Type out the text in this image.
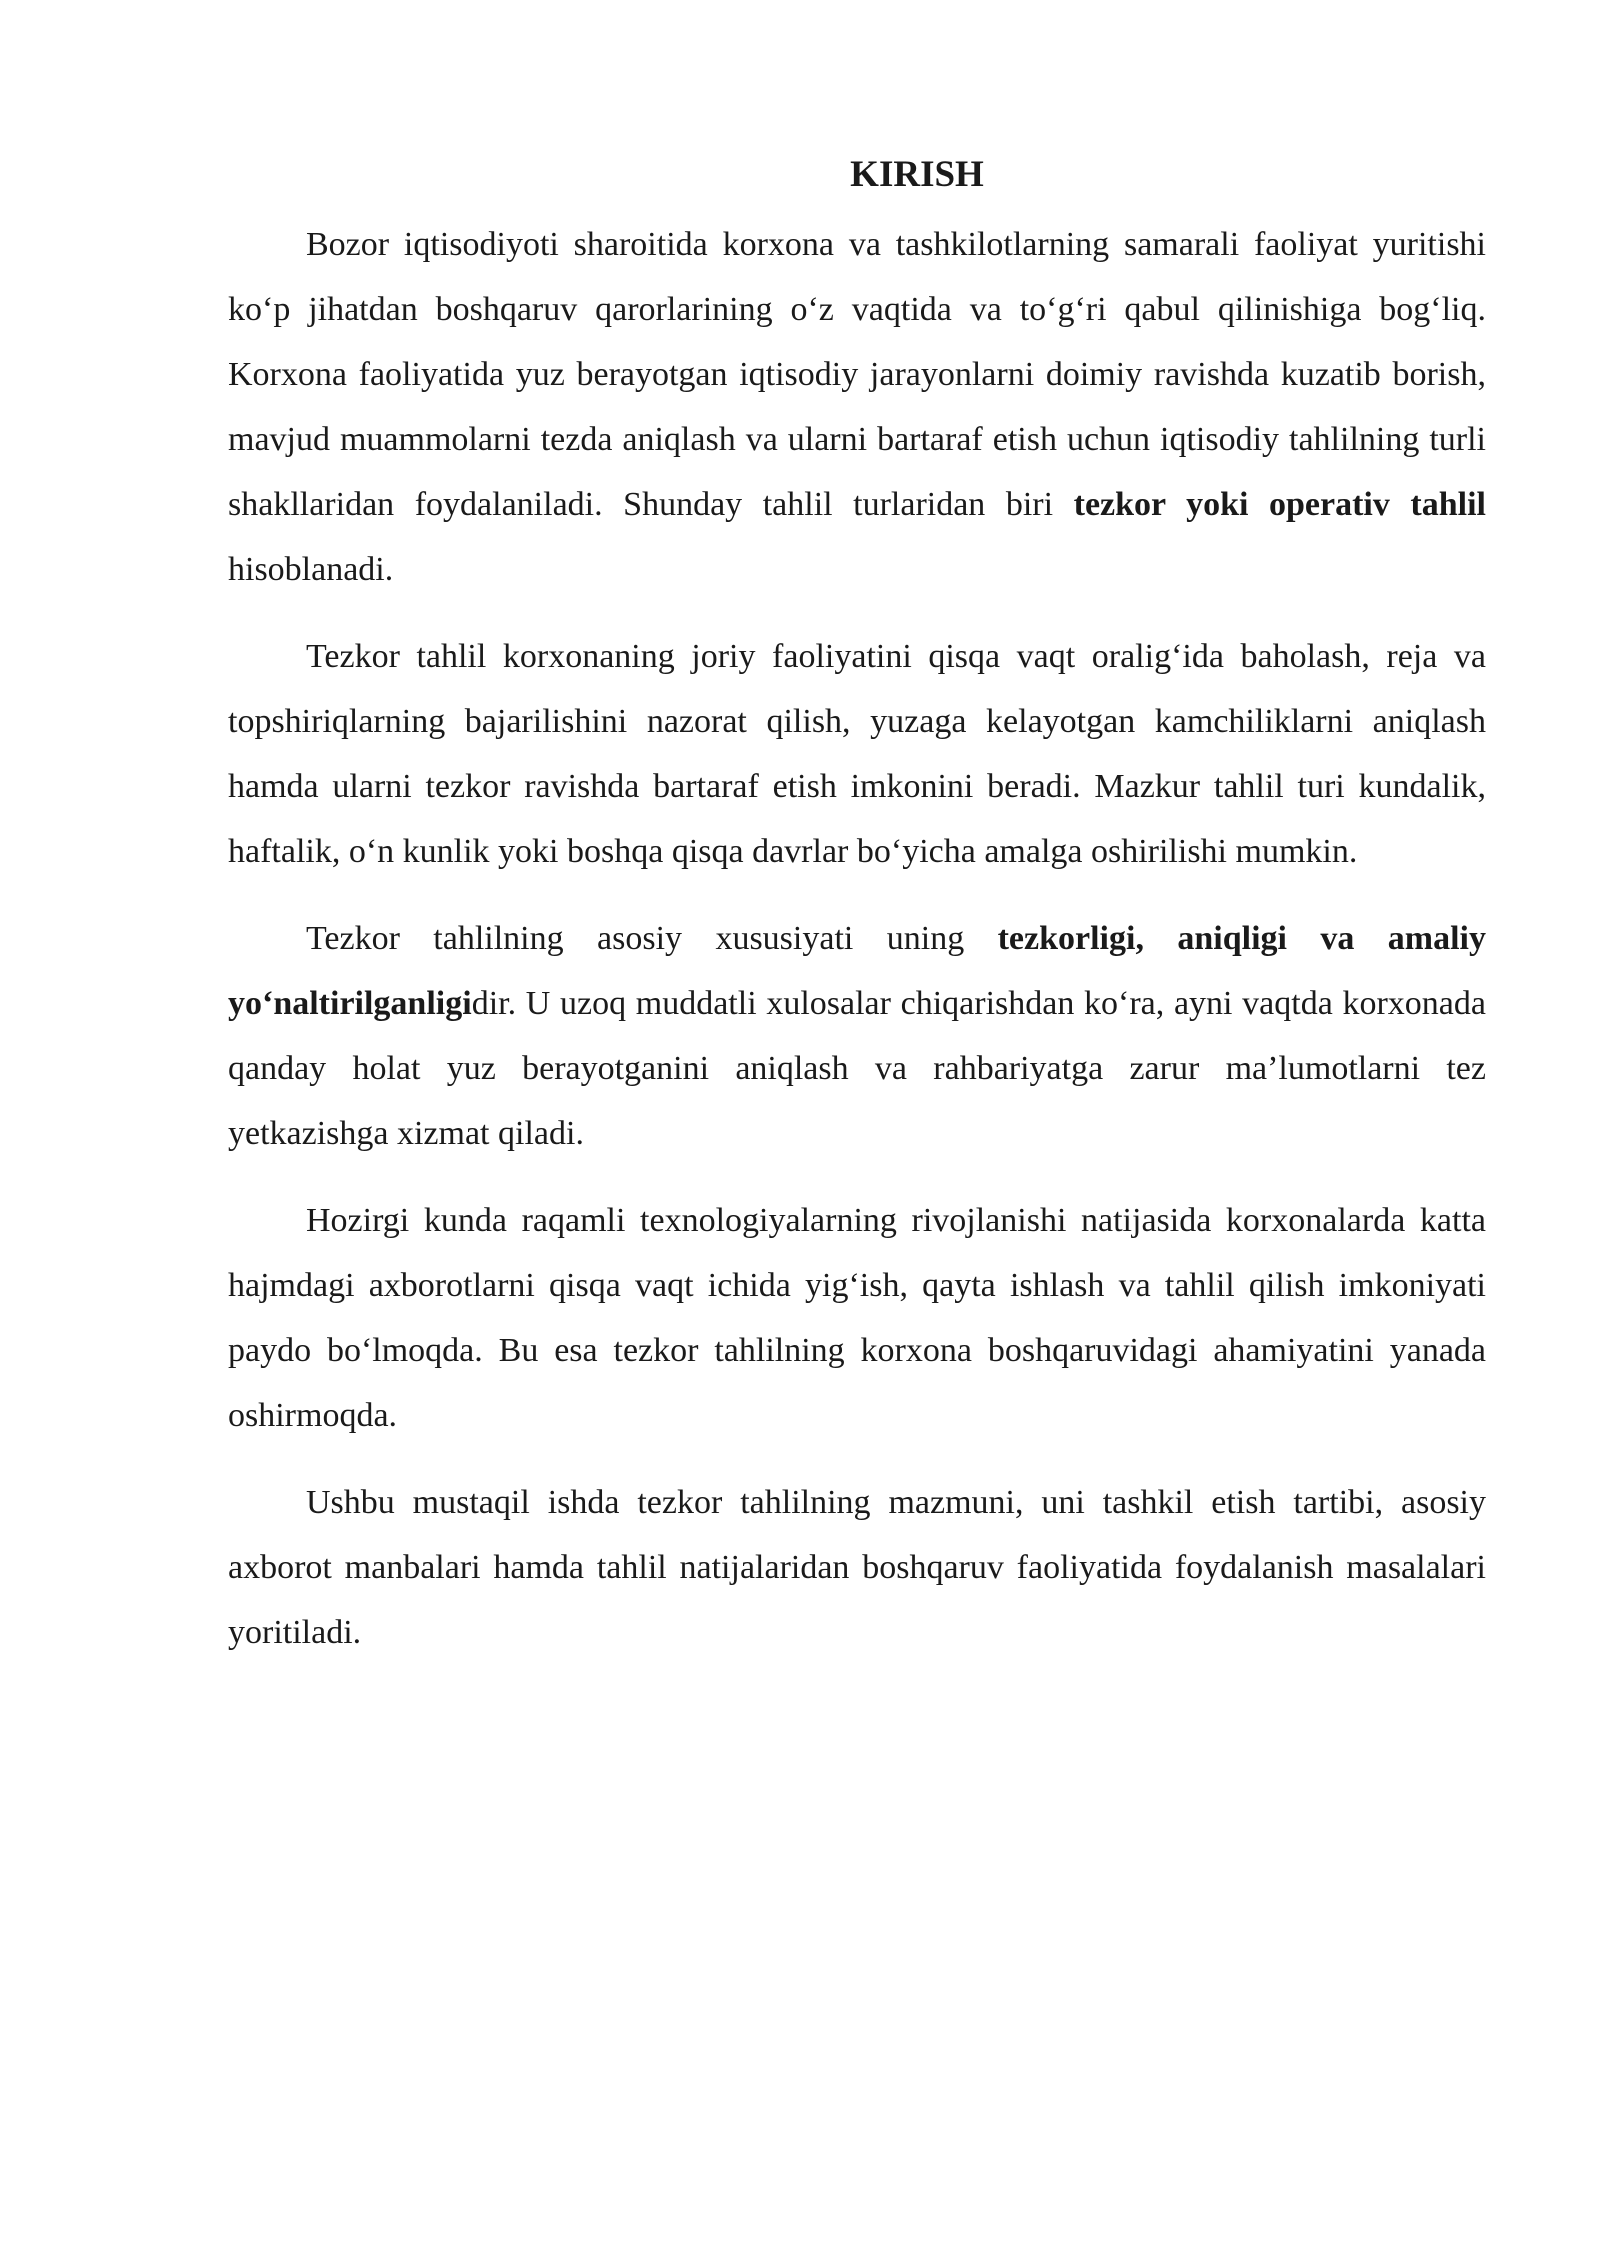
KIRISH

Bozor iqtisodiyoti sharoitida korxona va tashkilotlarning samarali faoliyat yuritishi ko‘p jihatdan boshqaruv qarorlarining o‘z vaqtida va to‘g‘ri qabul qilinishiga bog‘liq. Korxona faoliyatida yuz berayotgan iqtisodiy jarayonlarni doimiy ravishda kuzatib borish, mavjud muammolarni tezda aniqlash va ularni bartaraf etish uchun iqtisodiy tahlilning turli shakllaridan foydalaniladi. Shunday tahlil turlaridan biri tezkor yoki operativ tahlil hisoblanadi.

Tezkor tahlil korxonaning joriy faoliyatini qisqa vaqt oralig‘ida baholash, reja va topshiriqlarning bajarilishini nazorat qilish, yuzaga kelayotgan kamchiliklarni aniqlash hamda ularni tezkor ravishda bartaraf etish imkonini beradi. Mazkur tahlil turi kundalik, haftalik, o‘n kunlik yoki boshqa qisqa davrlar bo‘yicha amalga oshirilishi mumkin.

Tezkor tahlilning asosiy xususiyati uning tezkorligi, aniqligi va amaliy yo‘naltirilganligidir. U uzoq muddatli xulosalar chiqarishdan ko‘ra, ayni vaqtda korxonada qanday holat yuz berayotganini aniqlash va rahbariyatga zarur ma’lumotlarni tez yetkazishga xizmat qiladi.

Hozirgi kunda raqamli texnologiyalarning rivojlanishi natijasida korxonalarda katta hajmdagi axborotlarni qisqa vaqt ichida yig‘ish, qayta ishlash va tahlil qilish imkoniyati paydo bo‘lmoqda. Bu esa tezkor tahlilning korxona boshqaruvidagi ahamiyatini yanada oshirmoqda.

Ushbu mustaqil ishda tezkor tahlilning mazmuni, uni tashkil etish tartibi, asosiy axborot manbalari hamda tahlil natijalaridan boshqaruv faoliyatida foydalanish masalalari yoritiladi.
